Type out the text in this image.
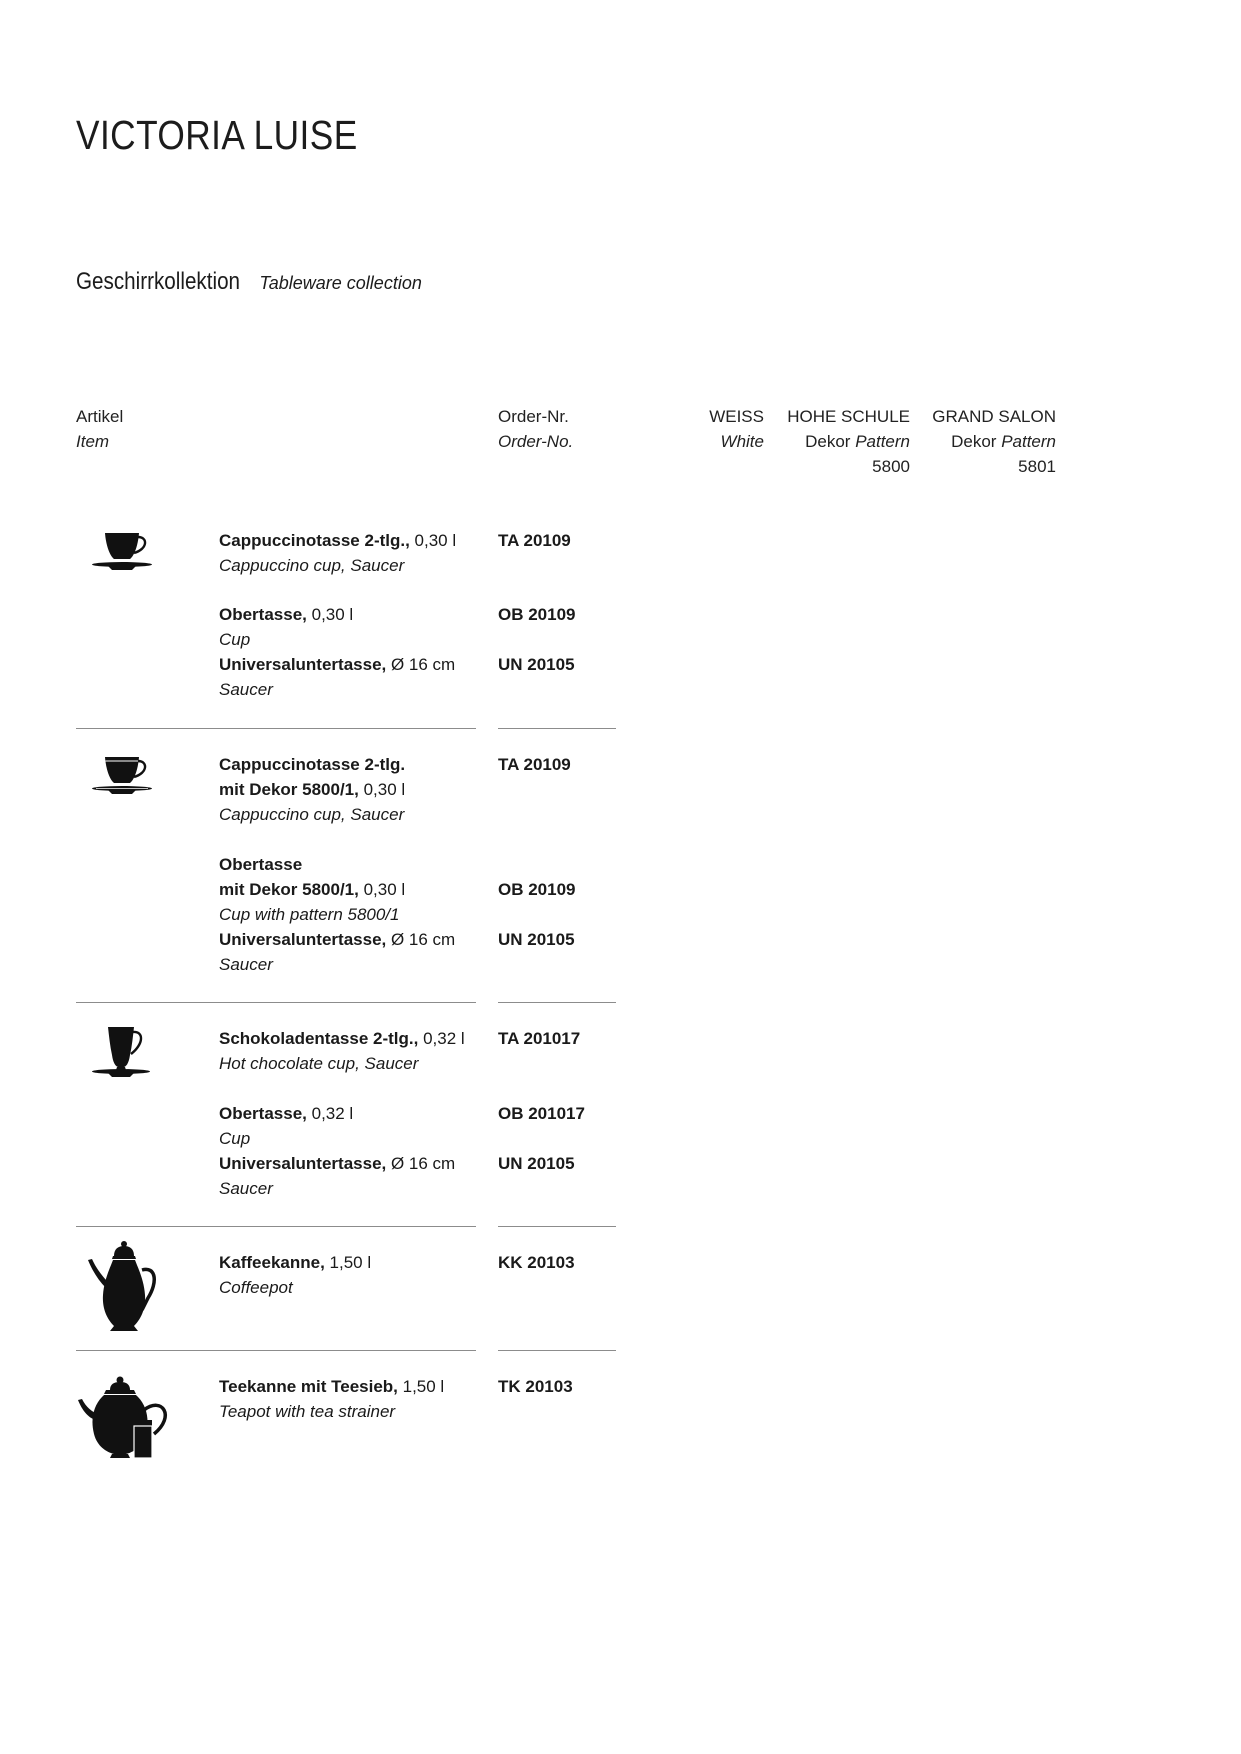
VICTORIA LUISE
Geschirrkollektion Tableware collection
Artikel
Item
Order-Nr.
Order-No.
WEISS
White
HOHE SCHULE
Dekor Pattern
5800
GRAND SALON
Dekor Pattern
5801
Cappuccinotasse 2-tlg., 0,30 l
Cappuccino cup, Saucer
TA 20109
Obertasse, 0,30 l
Cup
Universaluntertasse, Ø 16 cm
Saucer
OB 20109
UN 20105
Cappuccinotasse 2-tlg.
mit Dekor 5800/1, 0,30 l
Cappuccino cup, Saucer
TA 20109
Obertasse
mit Dekor 5800/1, 0,30 l
Cup with pattern 5800/1
Universaluntertasse, Ø 16 cm
Saucer
OB 20109
UN 20105
Schokoladentasse 2-tlg., 0,32 l
Hot chocolate cup, Saucer
TA 201017
Obertasse, 0,32 l
Cup
Universaluntertasse, Ø 16 cm
Saucer
OB 201017
UN 20105
Kaffeekanne, 1,50 l
Coffeepot
KK 20103
Teekanne mit Teesieb, 1,50 l
Teapot with tea strainer
TK 20103
